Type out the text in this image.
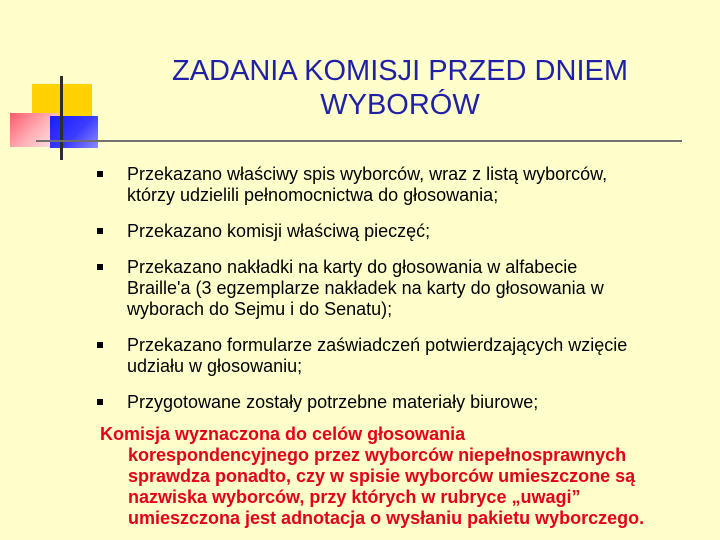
ZADANIA KOMISJI PRZED DNIEM
WYBORÓW
Przekazano właściwy spis wyborców, wraz z listą wyborców,
którzy udzielili pełnomocnictwa do głosowania;
Przekazano komisji właściwą pieczęć;
Przekazano nakładki na karty do głosowania w alfabecie
Braille'a (3 egzemplarze nakładek na karty do głosowania w
wyborach do Sejmu i do Senatu);
Przekazano formularze zaświadczeń potwierdzających wzięcie
udziału w głosowaniu;
Przygotowane zostały potrzebne materiały biurowe;
Komisja wyznaczona do celów głosowania
korespondencyjnego przez wyborców niepełnosprawnych
sprawdza ponadto, czy w spisie wyborców umieszczone są
nazwiska wyborców, przy których w rubryce „uwagi”
umieszczona jest adnotacja o wysłaniu pakietu wyborczego.
